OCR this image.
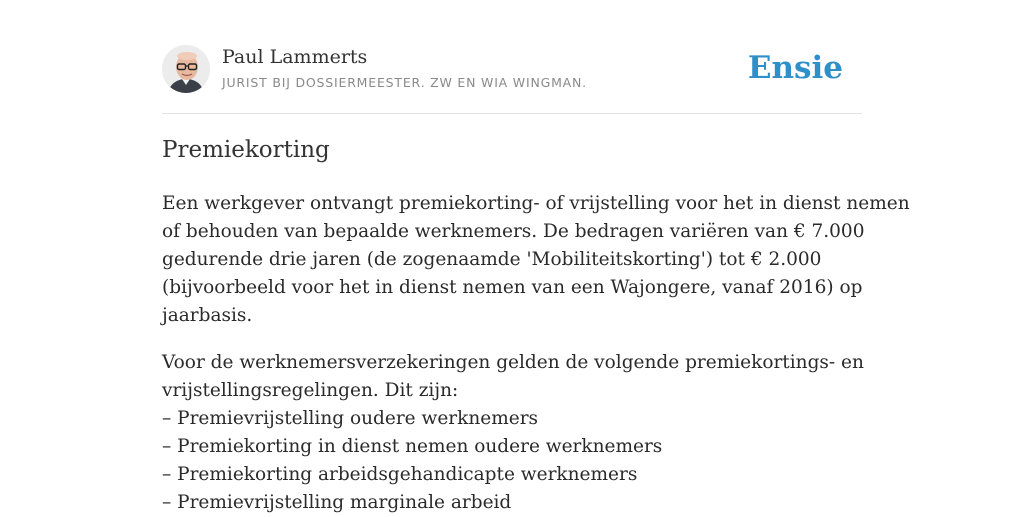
Paul Lammerts
JURIST BIJ DOSSIERMEESTER. ZW EN WIA WINGMAN.	Ensie
Premiekorting

Een werkgever ontvangt premiekorting- of vrijstelling voor het in dienst nemen
of behouden van bepaalde werknemers. De bedragen variëren van € 7.000
gedurende drie jaren (de zogenaamde 'Mobiliteitskorting') tot € 2.000
(bijvoorbeeld voor het in dienst nemen van een Wajongere, vanaf 2016) op
jaarbasis.

Voor de werknemersverzekeringen gelden de volgende premiekortings- en
vrijstellingsregelingen. Dit zijn:
– Premievrijstelling oudere werknemers
– Premiekorting in dienst nemen oudere werknemers
– Premiekorting arbeidsgehandicapte werknemers
– Premievrijstelling marginale arbeid
